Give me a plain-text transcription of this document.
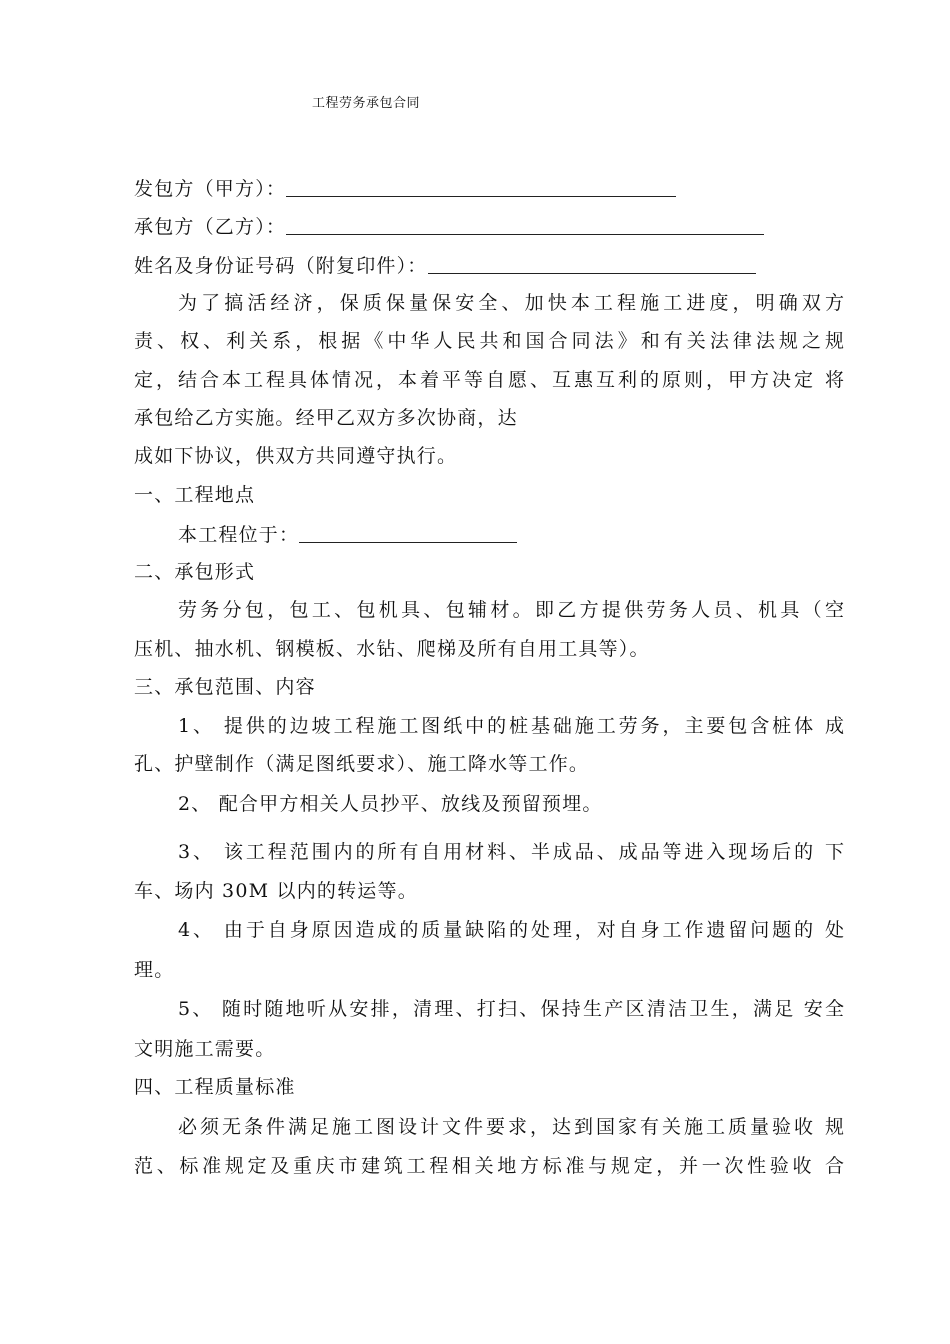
工程劳务承包合同
发包方（甲方）：
承包方（乙方）：
姓名及身份证号码（附复印件）：
为了搞活经济，保质保量保安全、加快本工程施工进度，明确双方
责、权、利关系，根据《中华人民共和国合同法》和有关法律法规之规
定，结合本工程具体情况，本着平等自愿、互惠互利的原则，甲方决定 将
承包给乙方实施。经甲乙双方多次协商，达
成如下协议，供双方共同遵守执行。
一、工程地点
本工程位于：
二、承包形式
劳务分包，包工、包机具、包辅材。即乙方提供劳务人员、机具（空
压机、抽水机、钢模板、水钻、爬梯及所有自用工具等）。
三、承包范围、内容
1、 提供的边坡工程施工图纸中的桩基础施工劳务，主要包含桩体 成
孔、护壁制作（满足图纸要求）、施工降水等工作。
2、 配合甲方相关人员抄平、放线及预留预埋。
3、 该工程范围内的所有自用材料、半成品、成品等进入现场后的 下
车、场内 30M 以内的转运等。
4、 由于自身原因造成的质量缺陷的处理，对自身工作遗留问题的 处
理。
5、 随时随地听从安排，清理、打扫、保持生产区清洁卫生，满足 安全
文明施工需要。
四、工程质量标准
必须无条件满足施工图设计文件要求，达到国家有关施工质量验收 规
范、标准规定及重庆市建筑工程相关地方标准与规定，并一次性验收 合
